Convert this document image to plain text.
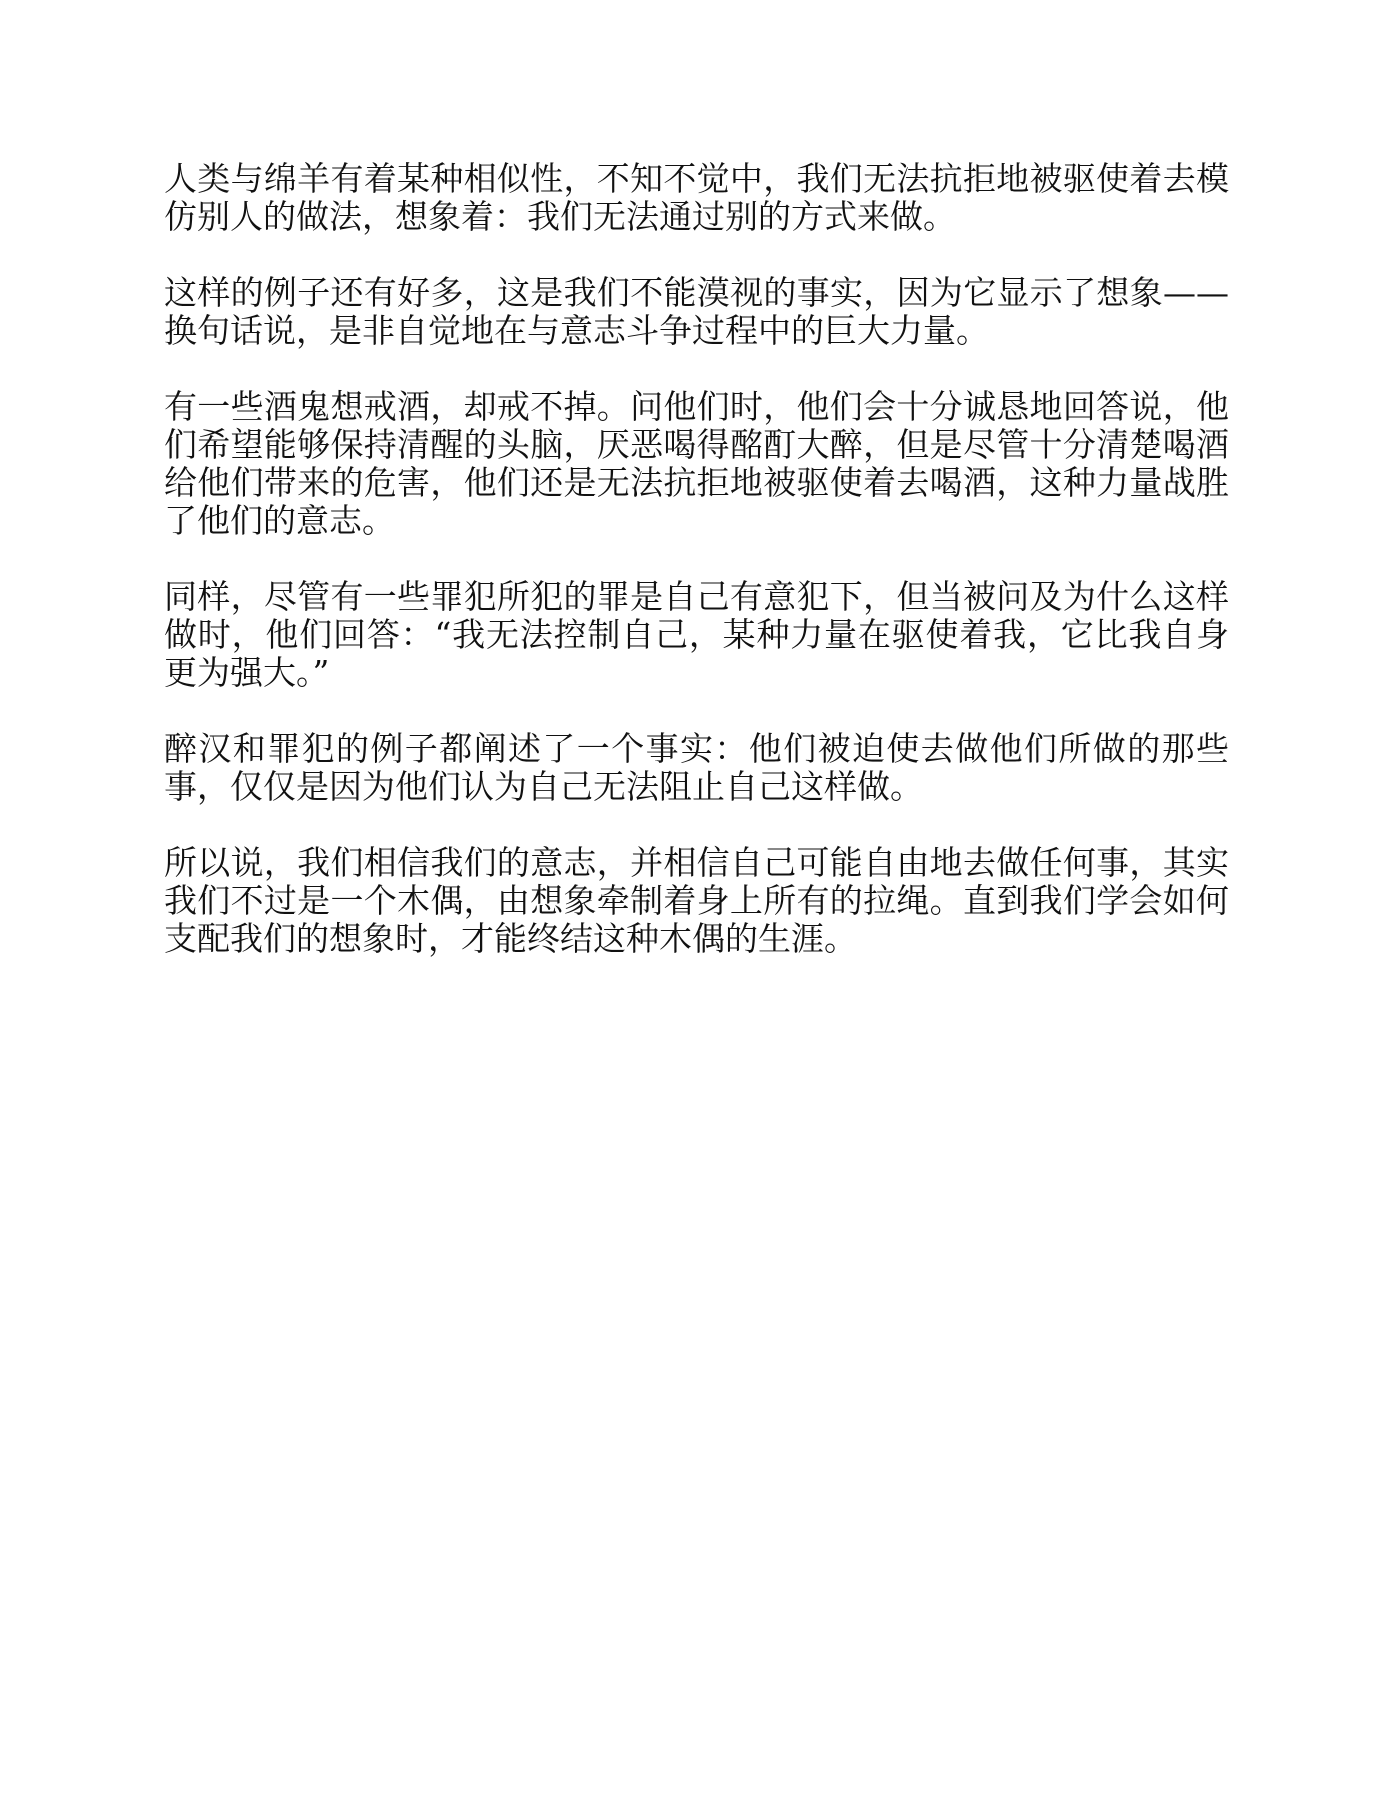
人类与绵羊有着某种相似性，不知不觉中，我们无法抗拒地被驱使着去模仿别人的做法，想象着：我们无法通过别的方式来做。

这样的例子还有好多，这是我们不能漠视的事实，因为它显示了想象——换句话说，是非自觉地在与意志斗争过程中的巨大力量。

有一些酒鬼想戒酒，却戒不掉。问他们时，他们会十分诚恳地回答说，他们希望能够保持清醒的头脑，厌恶喝得酩酊大醉，但是尽管十分清楚喝酒给他们带来的危害，他们还是无法抗拒地被驱使着去喝酒，这种力量战胜了他们的意志。

同样，尽管有一些罪犯所犯的罪是自己有意犯下，但当被问及为什么这样做时，他们回答：“我无法控制自己，某种力量在驱使着我，它比我自身更为强大。”

醉汉和罪犯的例子都阐述了一个事实：他们被迫使去做他们所做的那些事，仅仅是因为他们认为自己无法阻止自己这样做。

所以说，我们相信我们的意志，并相信自己可能自由地去做任何事，其实我们不过是一个木偶，由想象牵制着身上所有的拉绳。直到我们学会如何支配我们的想象时，才能终结这种木偶的生涯。
